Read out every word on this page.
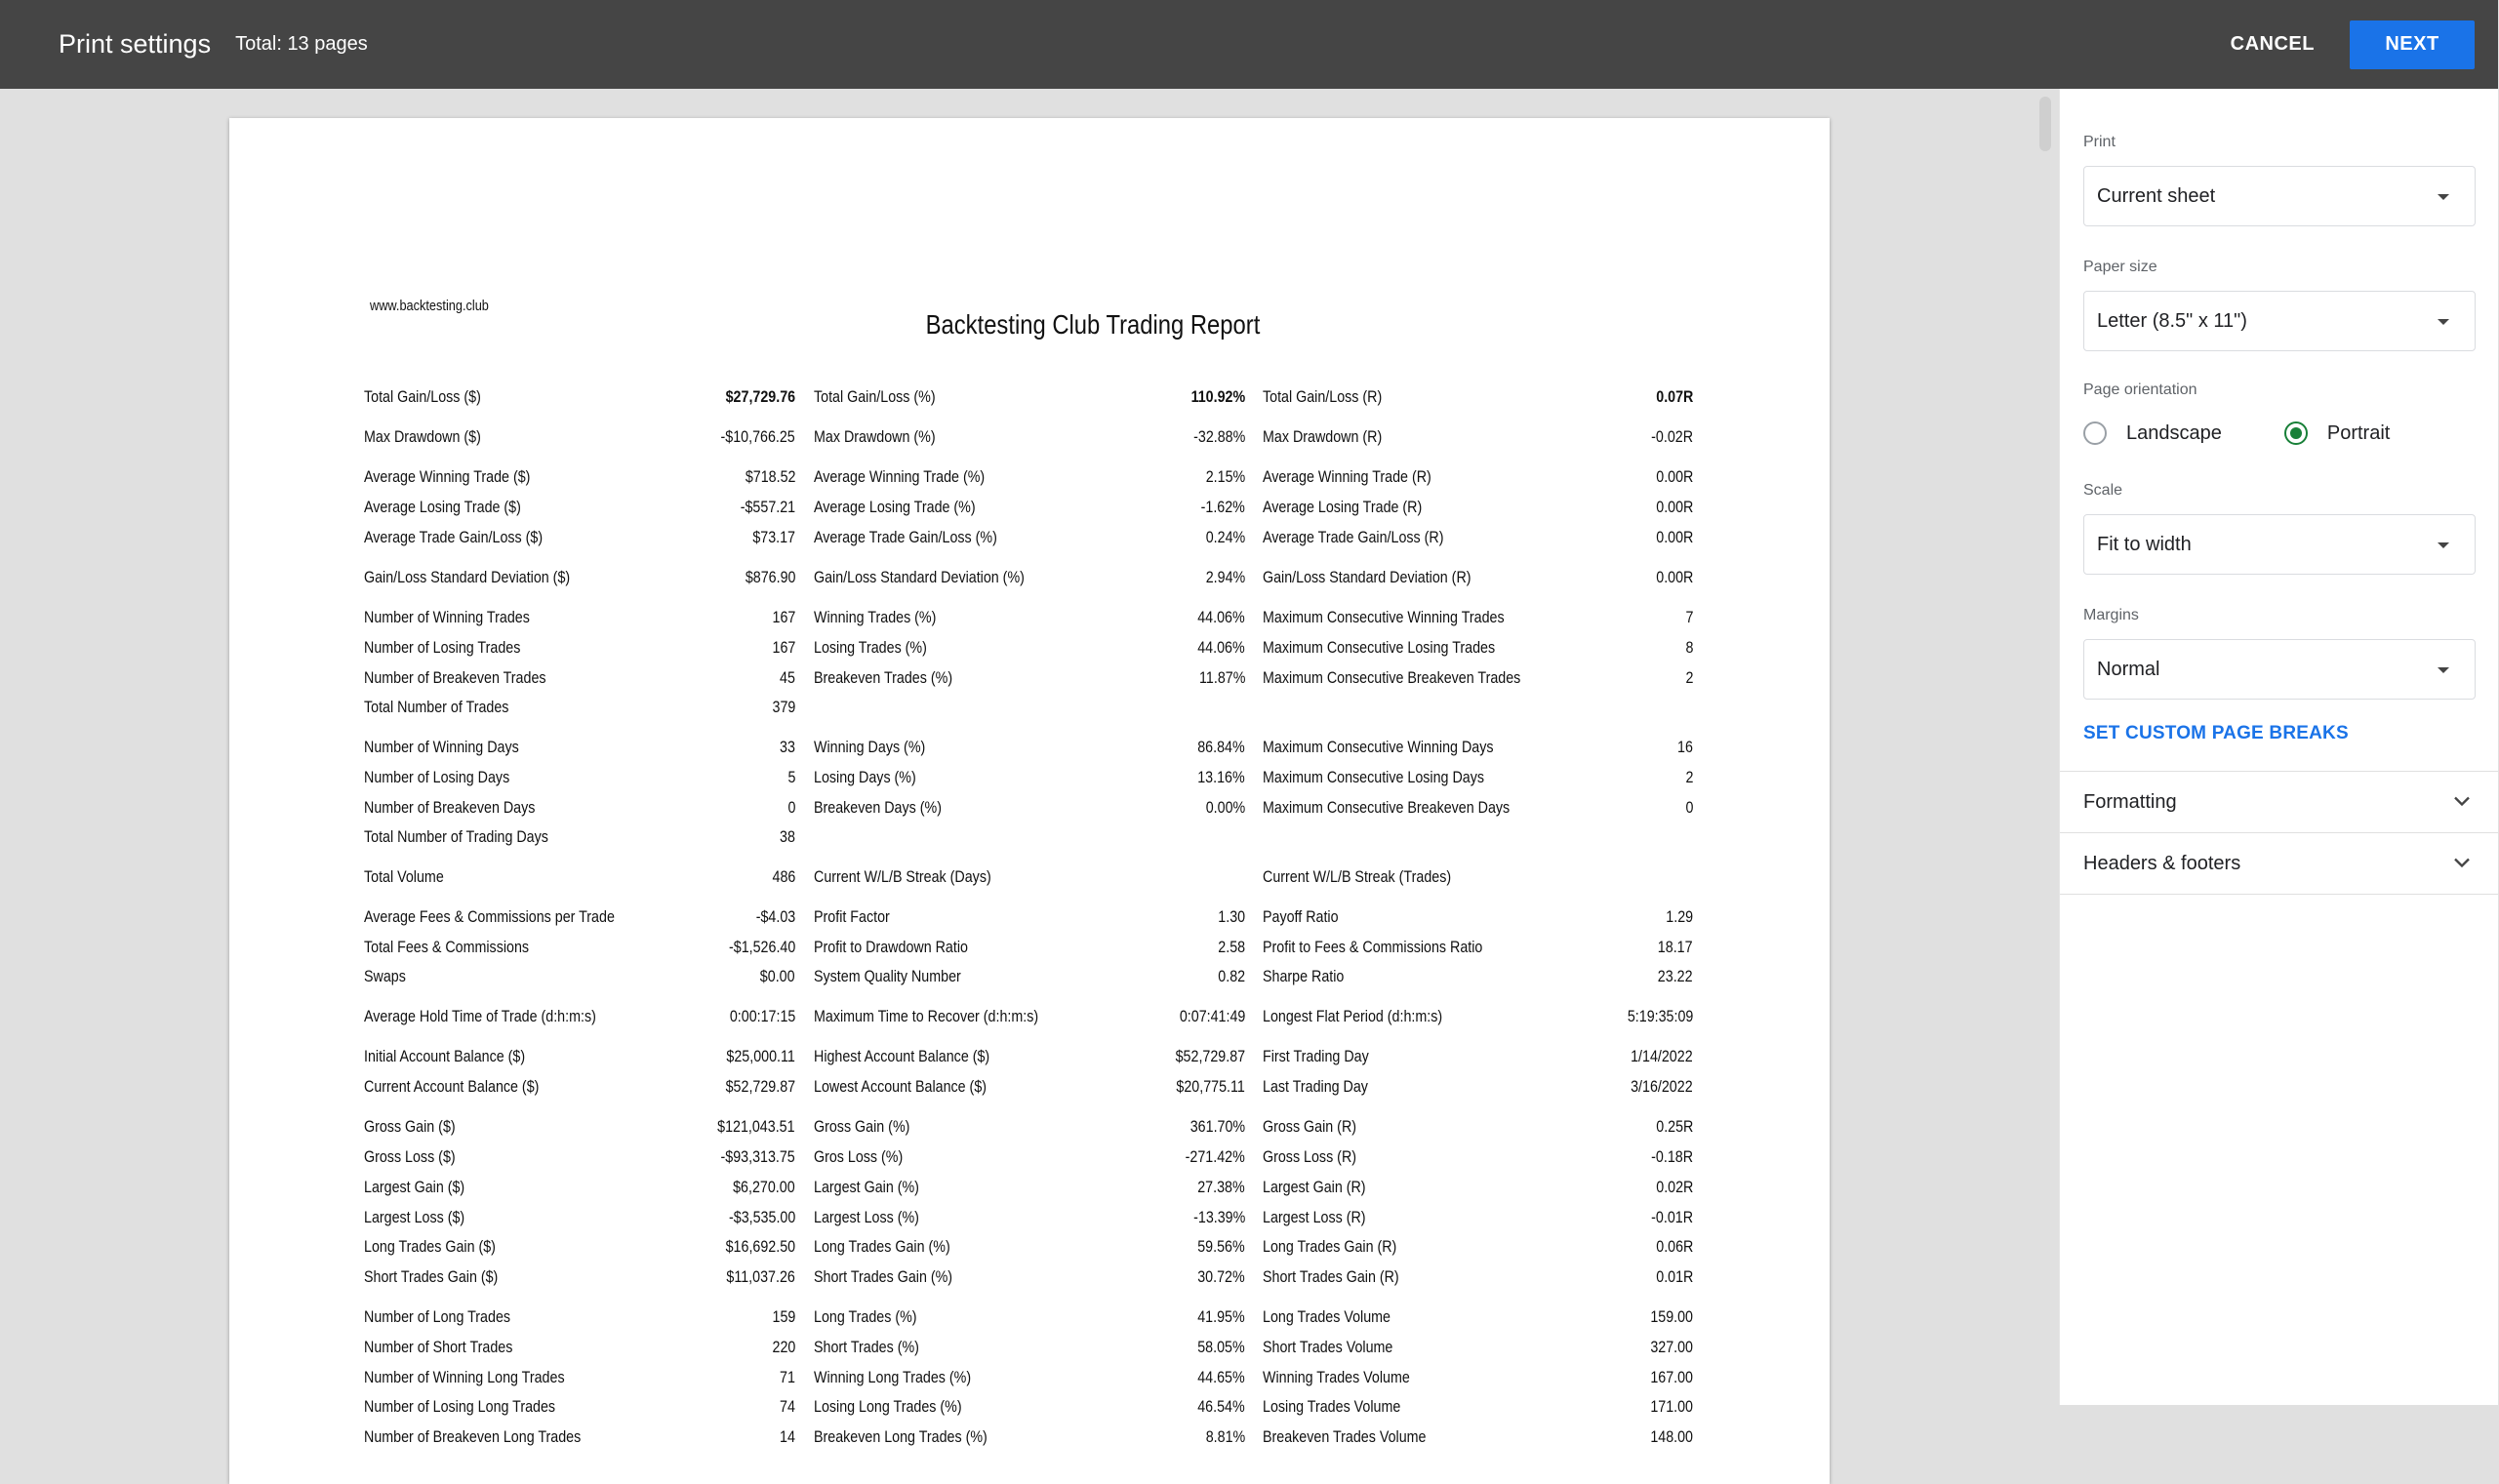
Print settings Total: 13 pages	CANCEL	NEXT
www.backtesting.club
Backtesting Club Trading Report
Total Gain/Loss ($)	$27,729.76 Total Gain/Loss (%)	110.92% Total Gain/Loss (R)	0.07R
Max Drawdown ($)	-$10,766.25 Max Drawdown (%)	-32.88% Max Drawdown (R)	-0.02R
Average Winning Trade ($)	$718.52 Average Winning Trade (%)	2.15% Average Winning Trade (R)	0.00R
Average Losing Trade ($)	-$557.21 Average Losing Trade (%)	-1.62% Average Losing Trade (R)	0.00R
Average Trade Gain/Loss ($)	$73.17 Average Trade Gain/Loss (%)	0.24% Average Trade Gain/Loss (R)	0.00R
Gain/Loss Standard Deviation ($)	$876.90 Gain/Loss Standard Deviation (%)	2.94% Gain/Loss Standard Deviation (R)	0.00R
Number of Winning Trades	167 Winning Trades (%)	44.06% Maximum Consecutive Winning Trades	7
Number of Losing Trades	167 Losing Trades (%)	44.06% Maximum Consecutive Losing Trades	8
Number of Breakeven Trades	45 Breakeven Trades (%)	11.87% Maximum Consecutive Breakeven Trades	2
Total Number of Trades	379
Number of Winning Days	33 Winning Days (%)	86.84% Maximum Consecutive Winning Days	16
Number of Losing Days	5 Losing Days (%)	13.16% Maximum Consecutive Losing Days	2
Number of Breakeven Days	0 Breakeven Days (%)	0.00% Maximum Consecutive Breakeven Days	0
Total Number of Trading Days	38
Total Volume	486 Current W/L/B Streak (Days)	Current W/L/B Streak (Trades)
Average Fees & Commissions per Trade	-$4.03 Profit Factor	1.30 Payoff Ratio	1.29
Total Fees & Commissions	-$1,526.40 Profit to Drawdown Ratio	2.58 Profit to Fees & Commissions Ratio	18.17
Swaps	$0.00 System Quality Number	0.82 Sharpe Ratio	23.22
Average Hold Time of Trade (d:h:m:s)	0:00:17:15 Maximum Time to Recover (d:h:m:s)	0:07:41:49 Longest Flat Period (d:h:m:s)	5:19:35:09
Initial Account Balance ($)	$25,000.11 Highest Account Balance ($)	$52,729.87 First Trading Day	1/14/2022
Current Account Balance ($)	$52,729.87 Lowest Account Balance ($)	$20,775.11 Last Trading Day	3/16/2022
Gross Gain ($)	$121,043.51 Gross Gain (%)	361.70% Gross Gain (R)	0.25R
Gross Loss ($)	-$93,313.75 Gros Loss (%)	-271.42% Gross Loss (R)	-0.18R
Largest Gain ($)	$6,270.00 Largest Gain (%)	27.38% Largest Gain (R)	0.02R
Largest Loss ($)	-$3,535.00 Largest Loss (%)	-13.39% Largest Loss (R)	-0.01R
Long Trades Gain ($)	$16,692.50 Long Trades Gain (%)	59.56% Long Trades Gain (R)	0.06R
Short Trades Gain ($)	$11,037.26 Short Trades Gain (%)	30.72% Short Trades Gain (R)	0.01R
Number of Long Trades	159 Long Trades (%)	41.95% Long Trades Volume	159.00
Number of Short Trades	220 Short Trades (%)	58.05% Short Trades Volume	327.00
Number of Winning Long Trades	71 Winning Long Trades (%)	44.65% Winning Trades Volume	167.00
Number of Losing Long Trades	74 Losing Long Trades (%)	46.54% Losing Trades Volume	171.00
Number of Breakeven Long Trades	14 Breakeven Long Trades (%)	8.81% Breakeven Trades Volume	148.00
Print
Current sheet
Paper size
Letter (8.5" x 11")
Page orientation
Landscape	Portrait
Scale
Fit to width
Margins
Normal
SET CUSTOM PAGE BREAKS
Formatting
Headers & footers
